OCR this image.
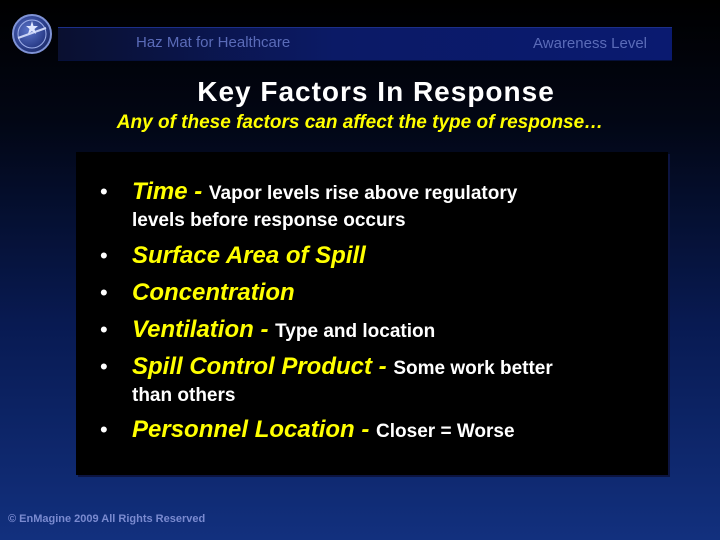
Haz Mat for Healthcare	Awareness Level
Key Factors In Response
Any of these factors can affect the type of response…
• Time - Vapor levels rise above regulatory
levels before response occurs
• Surface Area of Spill
• Concentration
• Ventilation - Type and location
• Spill Control Product - Some work better
than others
• Personnel Location - Closer = Worse
© EnMagine 2009 All Rights Reserved
